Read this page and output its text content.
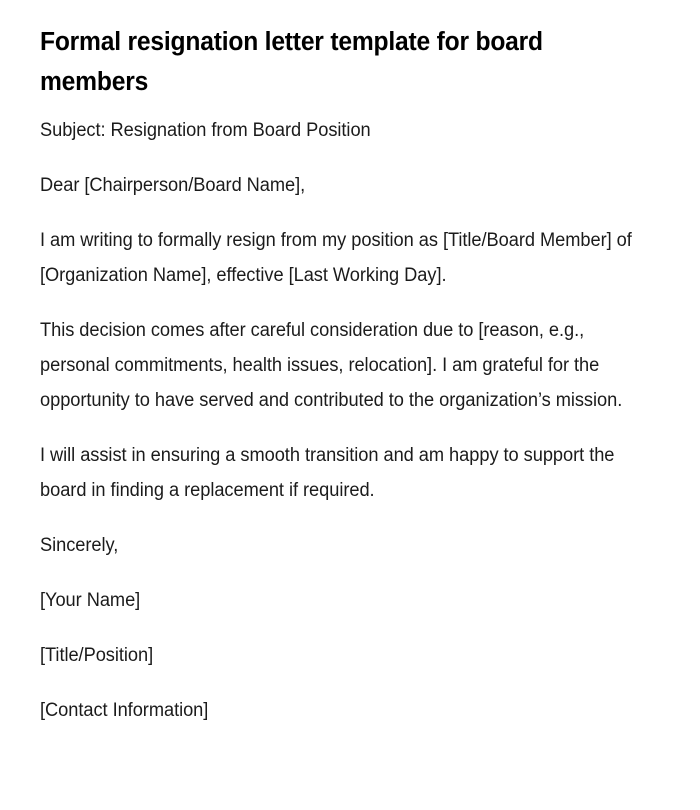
Formal resignation letter template for board members

Subject: Resignation from Board Position

Dear [Chairperson/Board Name],

I am writing to formally resign from my position as [Title/Board Member] of [Organization Name], effective [Last Working Day].

This decision comes after careful consideration due to [reason, e.g., personal commitments, health issues, relocation]. I am grateful for the opportunity to have served and contributed to the organization’s mission.

I will assist in ensuring a smooth transition and am happy to support the board in finding a replacement if required.

Sincerely,

[Your Name]

[Title/Position]

[Contact Information]
